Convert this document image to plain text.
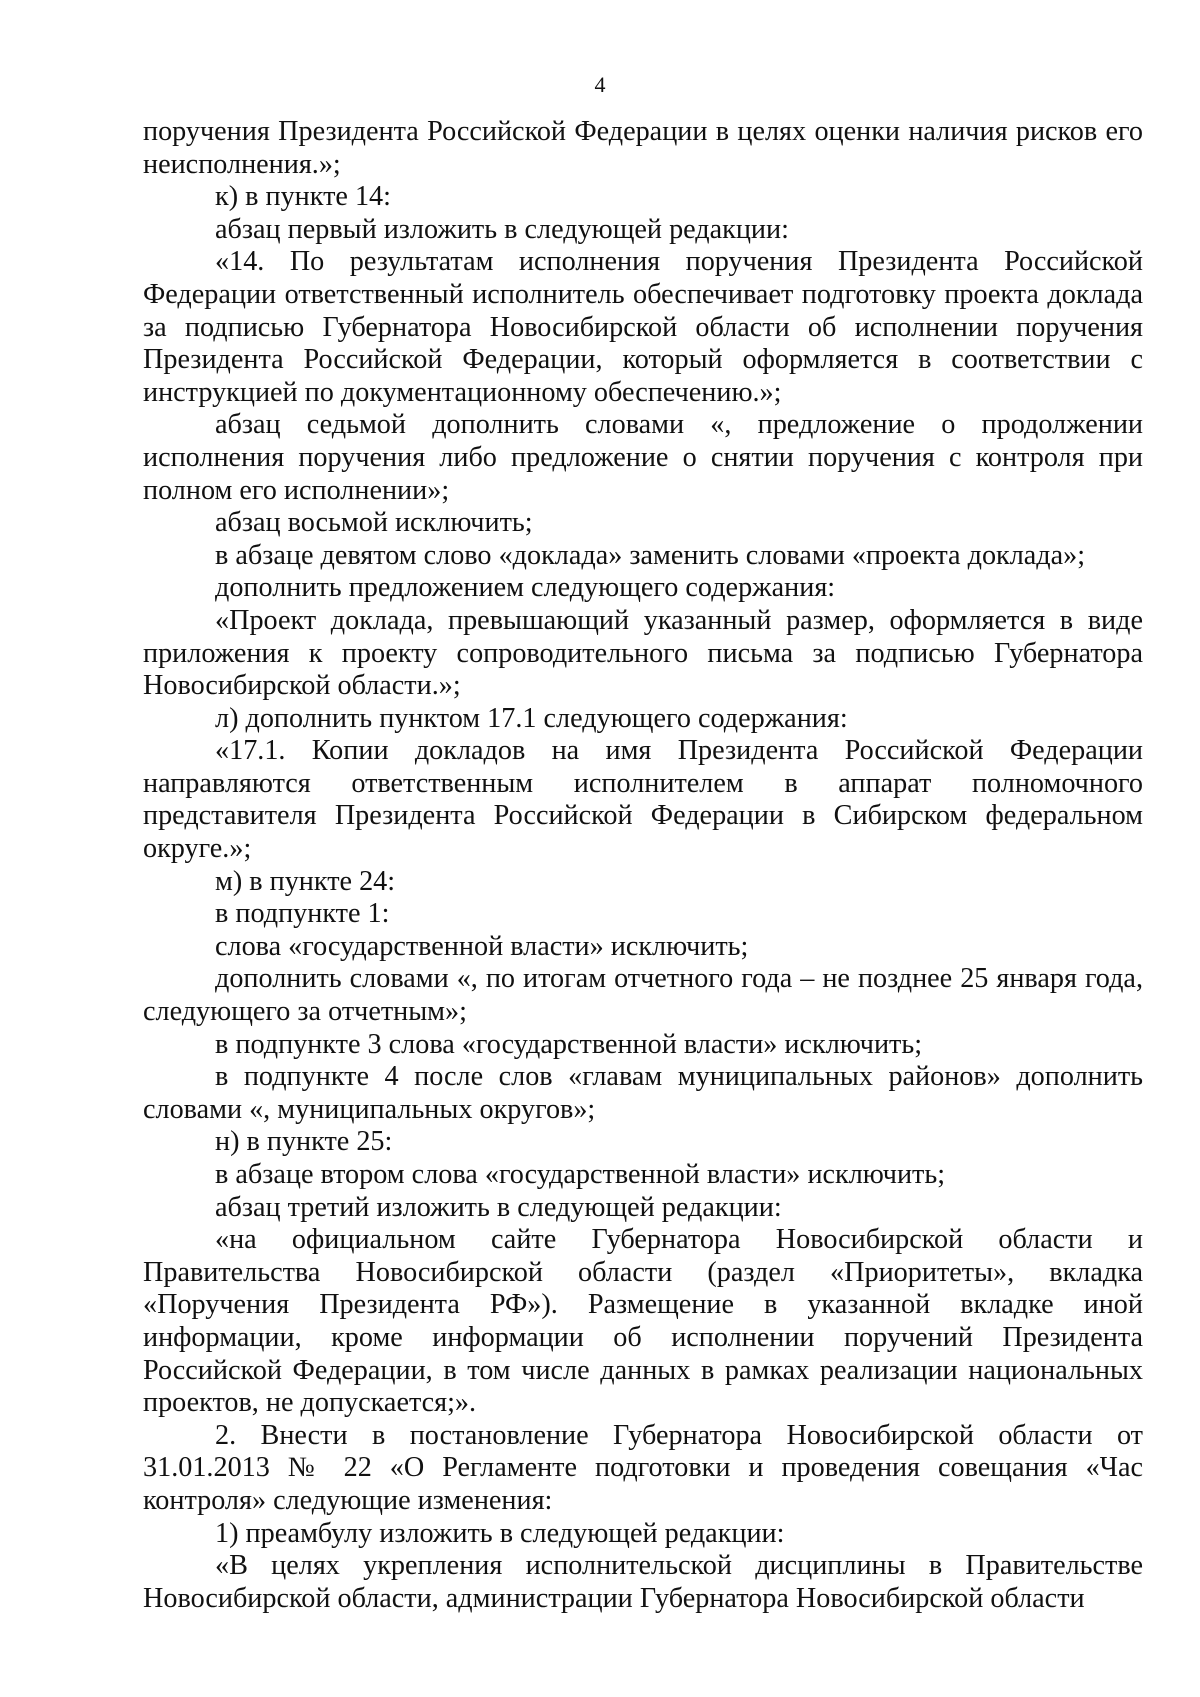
4

поручения Президента Российской Федерации в целях оценки наличия рисков его неисполнения.»;

к) в пункте 14:

абзац первый изложить в следующей редакции:

«14. По результатам исполнения поручения Президента Российской Федерации ответственный исполнитель обеспечивает подготовку проекта доклада за подписью Губернатора Новосибирской области об исполнении поручения Президента Российской Федерации, который оформляется в соответствии с инструкцией по документационному обеспечению.»;

абзац седьмой дополнить словами «, предложение о продолжении исполнения поручения либо предложение о снятии поручения с контроля при полном его исполнении»;

абзац восьмой исключить;

в абзаце девятом слово «доклада» заменить словами «проекта доклада»;

дополнить предложением следующего содержания:

«Проект доклада, превышающий указанный размер, оформляется в виде приложения к проекту сопроводительного письма за подписью Губернатора Новосибирской области.»;

л) дополнить пунктом 17.1 следующего содержания:

«17.1. Копии докладов на имя Президента Российской Федерации направляются ответственным исполнителем в аппарат полномочного представителя Президента Российской Федерации в Сибирском федеральном округе.»;

м) в пункте 24:

в подпункте 1:

слова «государственной власти» исключить;

дополнить словами «, по итогам отчетного года – не позднее 25 января года, следующего за отчетным»;

в подпункте 3 слова «государственной власти» исключить;

в подпункте 4 после слов «главам муниципальных районов» дополнить словами «, муниципальных округов»;

н) в пункте 25:

в абзаце втором слова «государственной власти» исключить;

абзац третий изложить в следующей редакции:

«на официальном сайте Губернатора Новосибирской области и Правительства Новосибирской области (раздел «Приоритеты», вкладка «Поручения Президента РФ»). Размещение в указанной вкладке иной информации, кроме информации об исполнении поручений Президента Российской Федерации, в том числе данных в рамках реализации национальных проектов, не допускается;».

2. Внести в постановление Губернатора Новосибирской области от 31.01.2013 № 22 «О Регламенте подготовки и проведения совещания «Час контроля» следующие изменения:

1) преамбулу изложить в следующей редакции:

«В целях укрепления исполнительской дисциплины в Правительстве Новосибирской области, администрации Губернатора Новосибирской области
